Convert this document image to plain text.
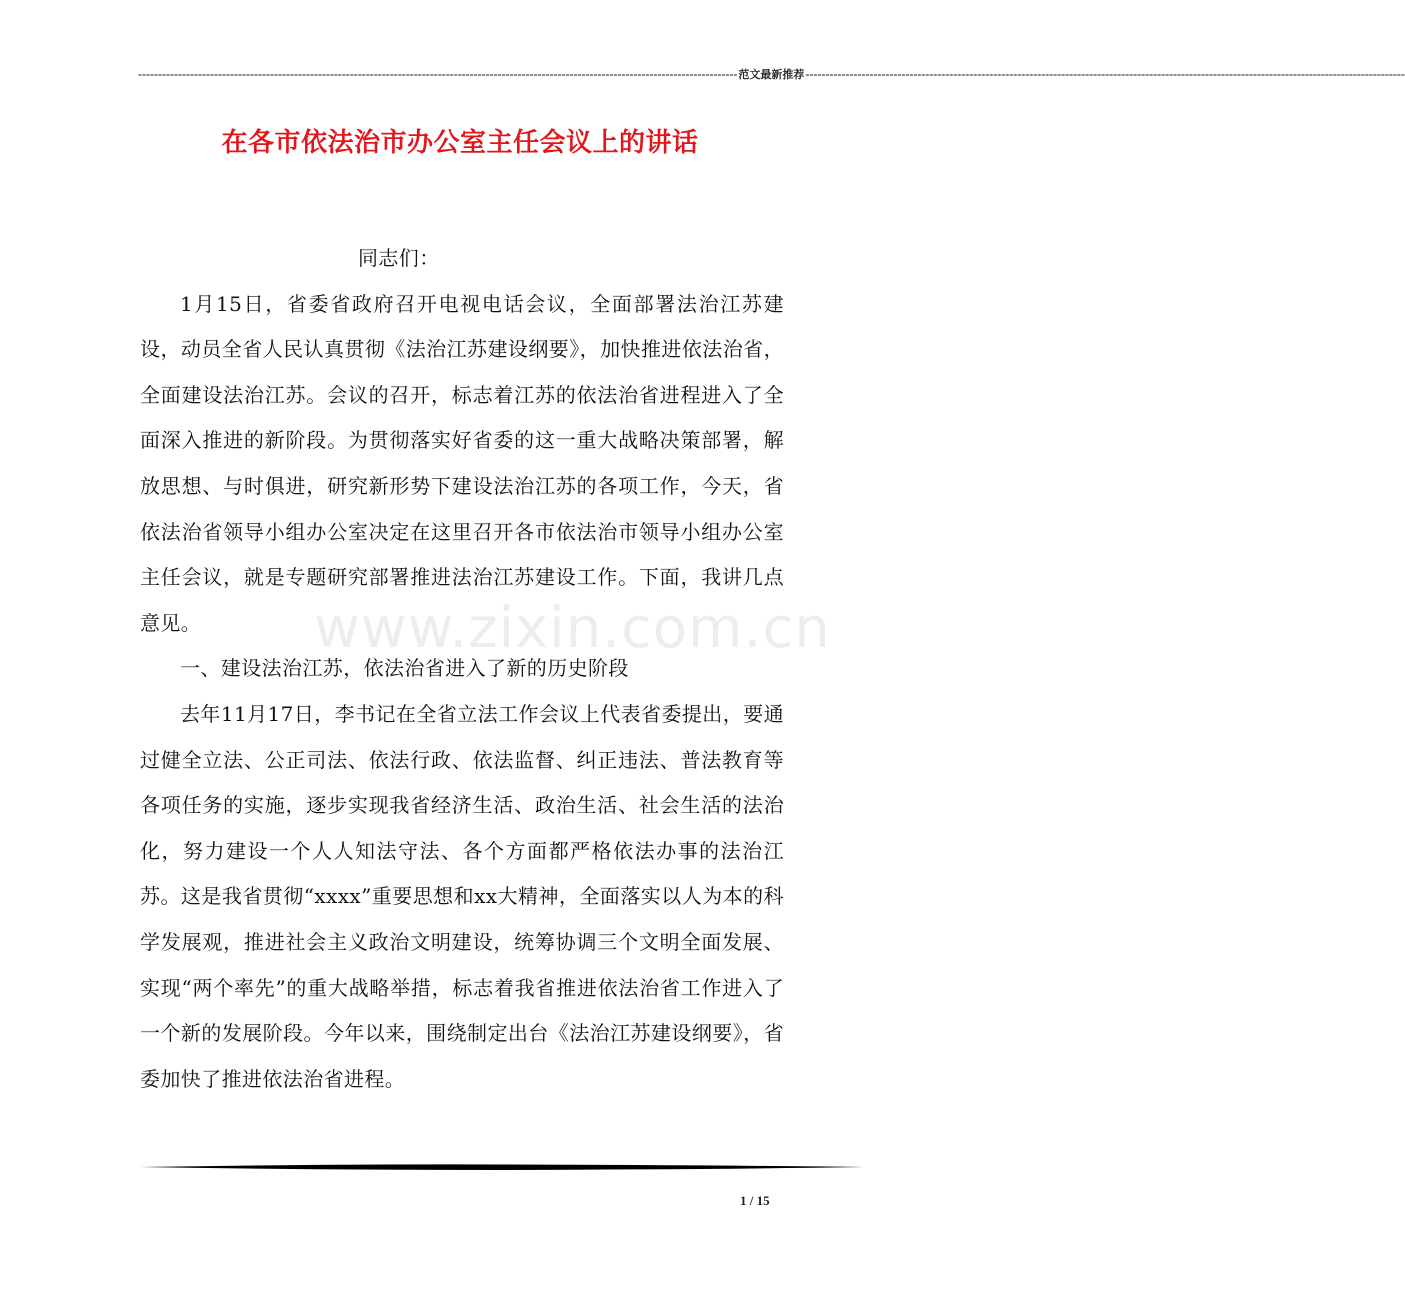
------------------------------------------------------------------------------------------------------------------------------------------------------ 范文最新推荐 ------------------------------------------------------------------------------------------------------------------------------------------------------
在各市依法治市办公室主任会议上的讲话

同志们：

1月15日，省委省政府召开电视电话会议，全面部署法治江苏建设，动员全省人民认真贯彻《法治江苏建设纲要》，加快推进依法治省，全面建设法治江苏。会议的召开，标志着江苏的依法治省进程进入了全面深入推进的新阶段。为贯彻落实好省委的这一重大战略决策部署，解放思想、与时俱进，研究新形势下建设法治江苏的各项工作，今天，省依法治省领导小组办公室决定在这里召开各市依法治市领导小组办公室主任会议，就是专题研究部署推进法治江苏建设工作。下面，我讲几点意见。

一、建设法治江苏，依法治省进入了新的历史阶段

去年11月17日，李书记在全省立法工作会议上代表省委提出，要通过健全立法、公正司法、依法行政、依法监督、纠正违法、普法教育等各项任务的实施，逐步实现我省经济生活、政治生活、社会生活的法治化，努力建设一个人人知法守法、各个方面都严格依法办事的法治江苏。这是我省贯彻“xxxx”重要思想和xx大精神，全面落实以人为本的科学发展观，推进社会主义政治文明建设，统筹协调三个文明全面发展、实现“两个率先”的重大战略举措，标志着我省推进依法治省工作进入了一个新的发展阶段。今年以来，围绕制定出台《法治江苏建设纲要》，省委加快了推进依法治省进程。

www.zixin.com.cn
1 / 15
